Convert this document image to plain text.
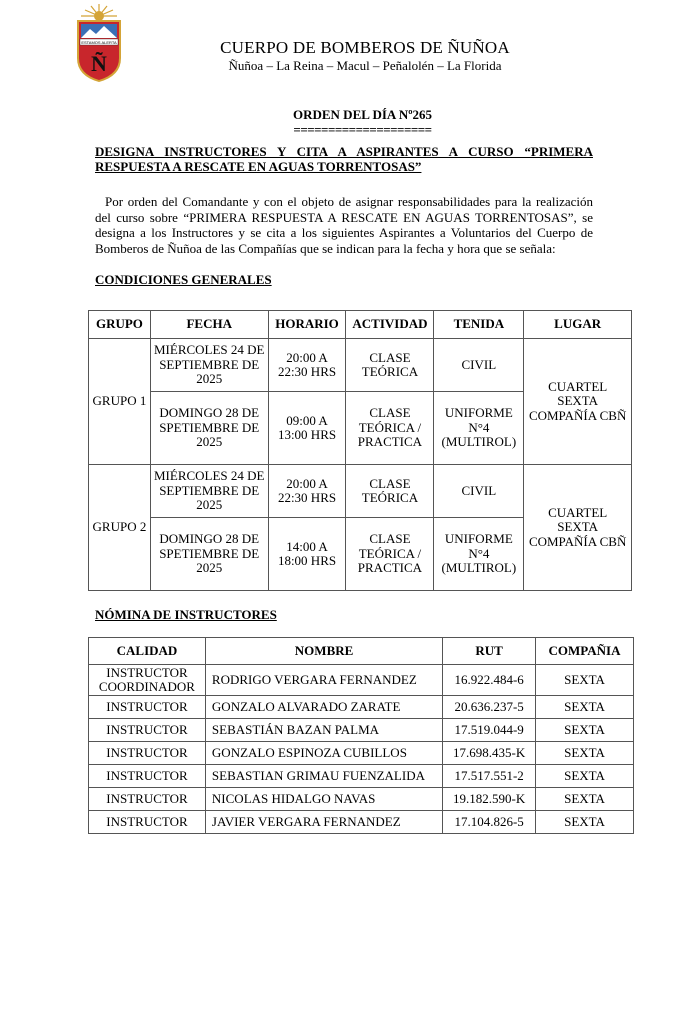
ESTAMOS ALERTA
Ñ
CUERPO DE BOMBEROS DE ÑUÑOA
Ñuñoa – La Reina – Macul – Peñalolén – La Florida
ORDEN DEL DÍA Nº265
====================
DESIGNA INSTRUCTORES Y CITA A ASPIRANTES A CURSO “PRIMERA RESPUESTA A RESCATE EN AGUAS TORRENTOSAS”
Por orden del Comandante y con el objeto de asignar responsabilidades para la realización del curso sobre “PRIMERA RESPUESTA A RESCATE EN AGUAS TORRENTOSAS”, se designa a los Instructores y se cita a los siguientes Aspirantes a Voluntarios del Cuerpo de Bomberos de Ñuñoa de las Compañías que se indican para la fecha y hora que se señala:
CONDICIONES GENERALES
GRUPO	FECHA	HORARIO	ACTIVIDAD	TENIDA	LUGAR
GRUPO 1	MIÉRCOLES 24 DE SEPTIEMBRE DE 2025	20:00 A 22:30 HRS	CLASE TEÓRICA	CIVIL	CUARTEL SEXTA COMPAÑÍA CBÑ
	DOMINGO 28 DE SPETIEMBRE DE 2025	09:00 A 13:00 HRS	CLASE TEÓRICA / PRACTICA	UNIFORME N°4 (MULTIROL)	
GRUPO 2	MIÉRCOLES 24 DE SEPTIEMBRE DE 2025	20:00 A 22:30 HRS	CLASE TEÓRICA	CIVIL	CUARTEL SEXTA COMPAÑÍA CBÑ
	DOMINGO 28 DE SPETIEMBRE DE 2025	14:00 A 18:00 HRS	CLASE TEÓRICA / PRACTICA	UNIFORME N°4 (MULTIROL)	
NÓMINA DE INSTRUCTORES
CALIDAD	NOMBRE	RUT	COMPAÑIA
INSTRUCTOR COORDINADOR	RODRIGO VERGARA FERNANDEZ	16.922.484-6	SEXTA
INSTRUCTOR	GONZALO ALVARADO ZARATE	20.636.237-5	SEXTA
INSTRUCTOR	SEBASTIÁN BAZAN PALMA	17.519.044-9	SEXTA
INSTRUCTOR	GONZALO ESPINOZA CUBILLOS	17.698.435-K	SEXTA
INSTRUCTOR	SEBASTIAN GRIMAU FUENZALIDA	17.517.551-2	SEXTA
INSTRUCTOR	NICOLAS HIDALGO NAVAS	19.182.590-K	SEXTA
INSTRUCTOR	JAVIER VERGARA FERNANDEZ	17.104.826-5	SEXTA
